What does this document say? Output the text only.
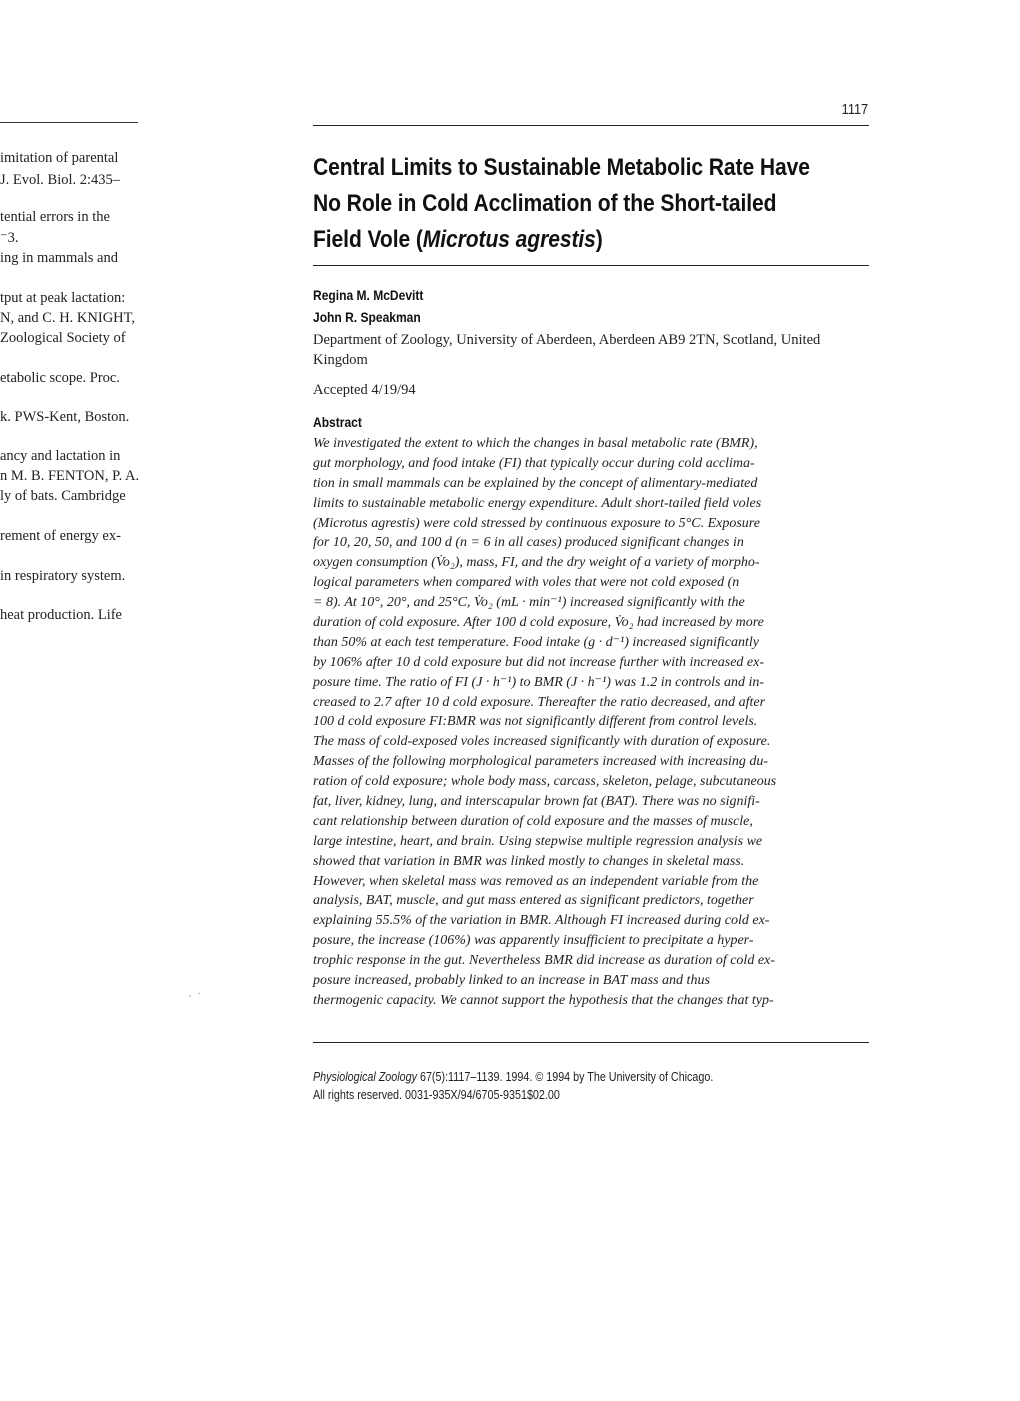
imitation of parental
J. Evol. Biol. 2:435–
tential errors in the
⁻3.
ing in mammals and
tput at peak lactation:
N, and C. H. KNIGHT,
Zoological Society of
etabolic scope. Proc.
k. PWS-Kent, Boston.
ancy and lactation in
n M. B. FENTON, P. A.
ly of bats. Cambridge
rement of energy ex-
in respiratory system.
heat production. Life
1117
Central Limits to Sustainable Metabolic Rate Have
No Role in Cold Acclimation of the Short-tailed
Field Vole (Microtus agrestis)
Regina M. McDevitt
John R. Speakman
Department of Zoology, University of Aberdeen, Aberdeen AB9 2TN, Scotland, United Kingdom
Accepted 4/19/94
Abstract
We investigated the extent to which the changes in basal metabolic rate (BMR),
gut morphology, and food intake (FI) that typically occur during cold acclima-
tion in small mammals can be explained by the concept of alimentary-mediated
limits to sustainable metabolic energy expenditure. Adult short-tailed field voles
(Microtus agrestis) were cold stressed by continuous exposure to 5°C. Exposure
for 10, 20, 50, and 100 d (n = 6 in all cases) produced significant changes in
oxygen consumption (V̇o₂), mass, FI, and the dry weight of a variety of morpho-
logical parameters when compared with voles that were not cold exposed (n
= 8). At 10°, 20°, and 25°C, V̇o₂ (mL · min⁻¹) increased significantly with the
duration of cold exposure. After 100 d cold exposure, V̇o₂ had increased by more
than 50% at each test temperature. Food intake (g · d⁻¹) increased significantly
by 106% after 10 d cold exposure but did not increase further with increased ex-
posure time. The ratio of FI (J · h⁻¹) to BMR (J · h⁻¹) was 1.2 in controls and in-
creased to 2.7 after 10 d cold exposure. Thereafter the ratio decreased, and after
100 d cold exposure FI:BMR was not significantly different from control levels.
The mass of cold-exposed voles increased significantly with duration of exposure.
Masses of the following morphological parameters increased with increasing du-
ration of cold exposure; whole body mass, carcass, skeleton, pelage, subcutaneous
fat, liver, kidney, lung, and interscapular brown fat (BAT). There was no signifi-
cant relationship between duration of cold exposure and the masses of muscle,
large intestine, heart, and brain. Using stepwise multiple regression analysis we
showed that variation in BMR was linked mostly to changes in skeletal mass.
However, when skeletal mass was removed as an independent variable from the
analysis, BAT, muscle, and gut mass entered as significant predictors, together
explaining 55.5% of the variation in BMR. Although FI increased during cold ex-
posure, the increase (106%) was apparently insufficient to precipitate a hyper-
trophic response in the gut. Nevertheless BMR did increase as duration of cold ex-
posure increased, probably linked to an increase in BAT mass and thus
thermogenic capacity. We cannot support the hypothesis that the changes that typ-
Physiological Zoology 67(5):1117–1139. 1994. © 1994 by The University of Chicago.
All rights reserved. 0031-935X/94/6705-9351$02.00
